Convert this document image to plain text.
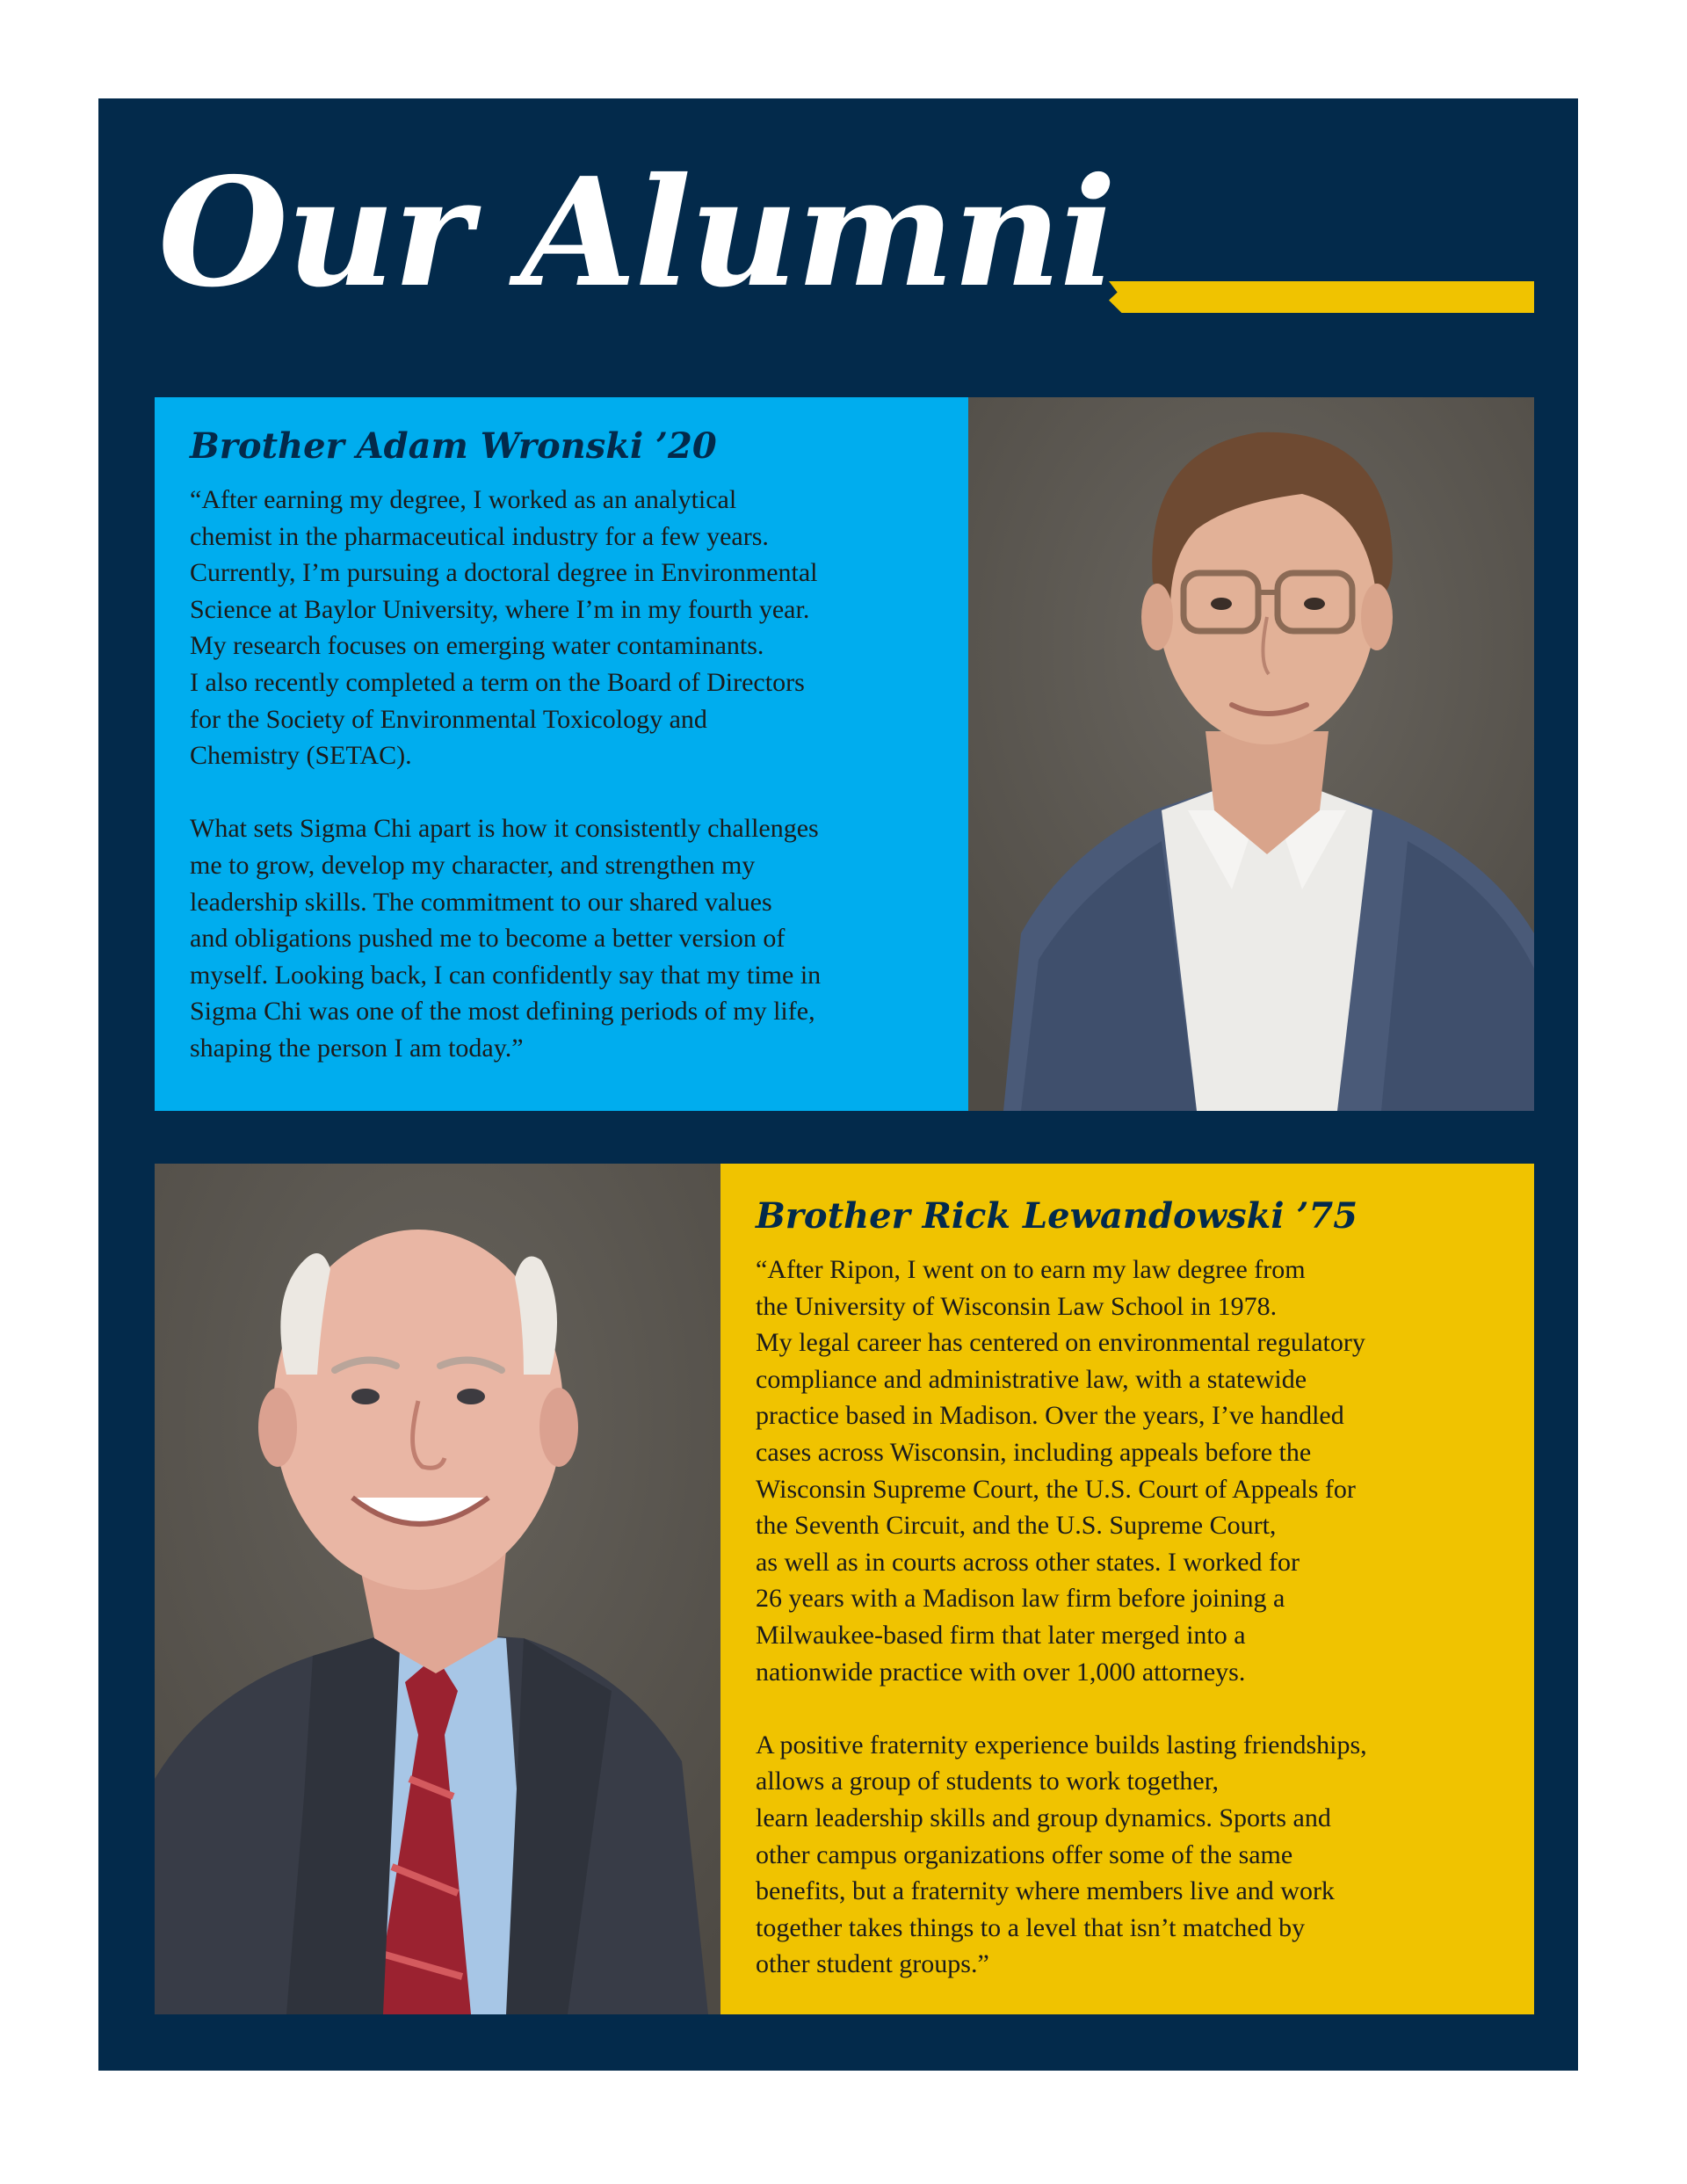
Our Alumni
Brother Adam Wronski ’20
“After earning my degree, I worked as an analytical
chemist in the pharmaceutical industry for a few years.
Currently, I’m pursuing a doctoral degree in Environmental
Science at Baylor University, where I’m in my fourth year.
My research focuses on emerging water contaminants.
I also recently completed a term on the Board of Directors
for the Society of Environmental Toxicology and
Chemistry (SETAC).
What sets Sigma Chi apart is how it consistently challenges
me to grow, develop my character, and strengthen my
leadership skills. The commitment to our shared values
and obligations pushed me to become a better version of
myself. Looking back, I can confidently say that my time in
Sigma Chi was one of the most defining periods of my life,
shaping the person I am today.”
Brother Rick Lewandowski ’75
“After Ripon, I went on to earn my law degree from
the University of Wisconsin Law School in 1978.
My legal career has centered on environmental regulatory
compliance and administrative law, with a statewide
practice based in Madison. Over the years, I’ve handled
cases across Wisconsin, including appeals before the
Wisconsin Supreme Court, the U.S. Court of Appeals for
the Seventh Circuit, and the U.S. Supreme Court,
as well as in courts across other states. I worked for
26 years with a Madison law firm before joining a
Milwaukee-based firm that later merged into a
nationwide practice with over 1,000 attorneys.
A positive fraternity experience builds lasting friendships,
allows a group of students to work together,
learn leadership skills and group dynamics. Sports and
other campus organizations offer some of the same
benefits, but a fraternity where members live and work
together takes things to a level that isn’t matched by
other student groups.”
